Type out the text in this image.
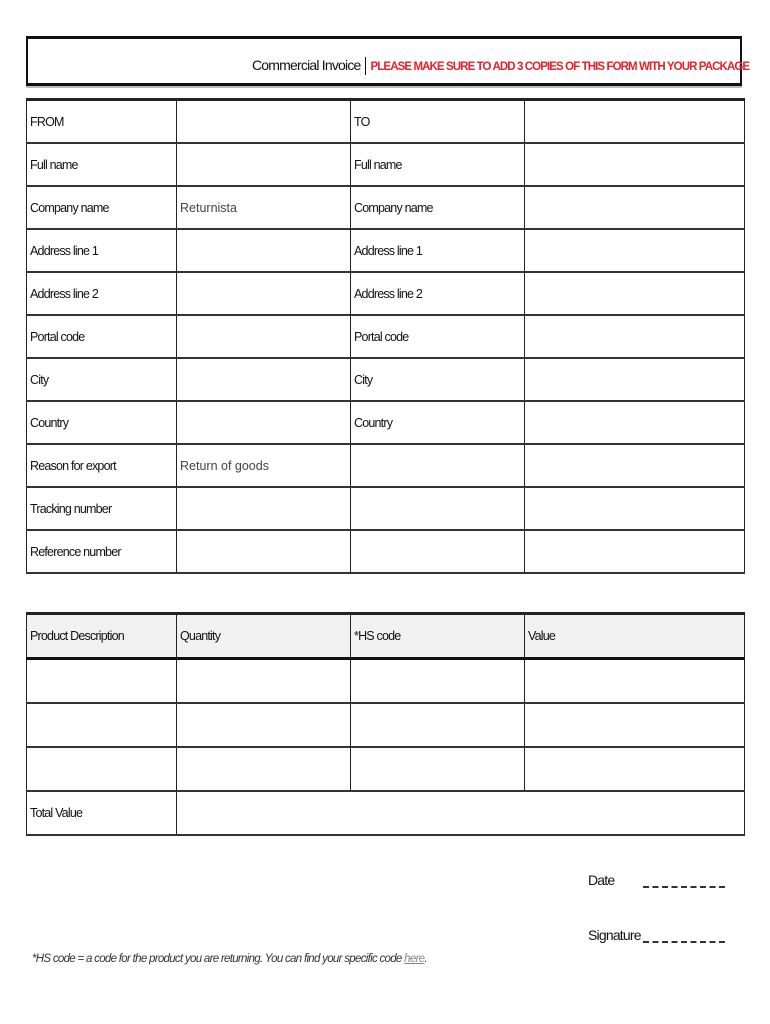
Commercial Invoice PLEASE MAKE SURE TO ADD 3 COPIES OF THIS FORM WITH YOUR PACKAGE
FROM		TO	
Full name		Full name	
Company name	Returnista	Company name	
Address line 1		Address line 1	
Address line 2		Address line 2	
Portal code		Portal code	
City		City	
Country		Country	
Reason for export	Return of goods		
Tracking number			
Reference number			
Product Description	Quantity	*HS code	Value

Total Value			
Date
Signature
*HS code = a code for the product you are returning. You can find your specific code here.
